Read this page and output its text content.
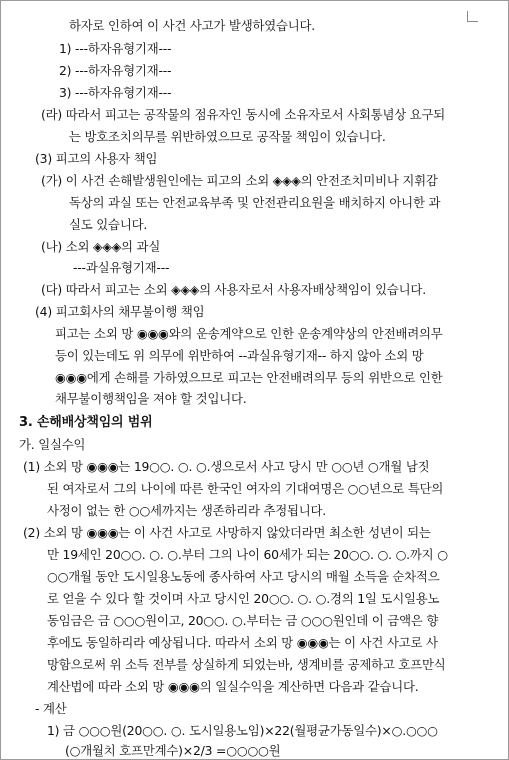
하자로 인하여 이 사건 사고가 발생하였습니다.
1) ---하자유형기재---
2) ---하자유형기재---
3) ---하자유형기재---
(라) 따라서 피고는 공작물의 점유자인 동시에 소유자로서 사회통념상 요구되
는 방호조치의무를 위반하였으므로 공작물 책임이 있습니다.
(3) 피고의 사용자 책임
(가) 이 사건 손해발생원인에는 피고의 소외 ◈◈◈의 안전조치미비나 지휘감
독상의 과실 또는 안전교육부족 및 안전관리요원을 배치하지 아니한 과
실도 있습니다.
(나) 소외 ◈◈◈의 과실
---과실유형기재---
(다) 따라서 피고는 소외 ◈◈◈의 사용자로서 사용자배상책임이 있습니다.
(4) 피고회사의 채무불이행 책임
피고는 소외 망 ◉◉◉와의 운송계약으로 인한 운송계약상의 안전배려의무
등이 있는데도 위 의무에 위반하여 --과실유형기재-- 하지 않아 소외 망
◉◉◉에게 손해를 가하였으므로 피고는 안전배려의무 등의 위반으로 인한
채무불이행책임을 져야 할 것입니다.
3. 손해배상책임의 범위
가. 일실수익
(1) 소외 망 ◉◉◉는 19○○. ○. ○.생으로서 사고 당시 만 ○○년 ○개월 남짓
된 여자로서 그의 나이에 따른 한국인 여자의 기대여명은 ○○년으로 특단의
사정이 없는 한 ○○세까지는 생존하리라 추정됩니다.
(2) 소외 망 ◉◉◉는 이 사건 사고로 사망하지 않았더라면 최소한 성년이 되는
만 19세인 20○○. ○. ○.부터 그의 나이 60세가 되는 20○○. ○. ○.까지 ○
○○개월 동안 도시일용노동에 종사하여 사고 당시의 매월 소득을 순차적으
로 얻을 수 있다 할 것이며 사고 당시인 20○○. ○. ○.경의 1일 도시일용노
동임금은 금 ○○○원이고, 20○○. ○.부터는 금 ○○○원인데 이 금액은 향
후에도 동일하리라 예상됩니다. 따라서 소외 망 ◉◉◉는 이 사건 사고로 사
망함으로써 위 소득 전부를 상실하게 되었는바, 생계비를 공제하고 호프만식
계산법에 따라 소외 망 ◉◉◉의 일실수익을 계산하면 다음과 같습니다.
- 계산
1) 금 ○○○원(20○○. ○. 도시일용노임)×22(월평균가동일수)×○.○○○
(○개월치 호프만계수)×2/3 =○○○○원
